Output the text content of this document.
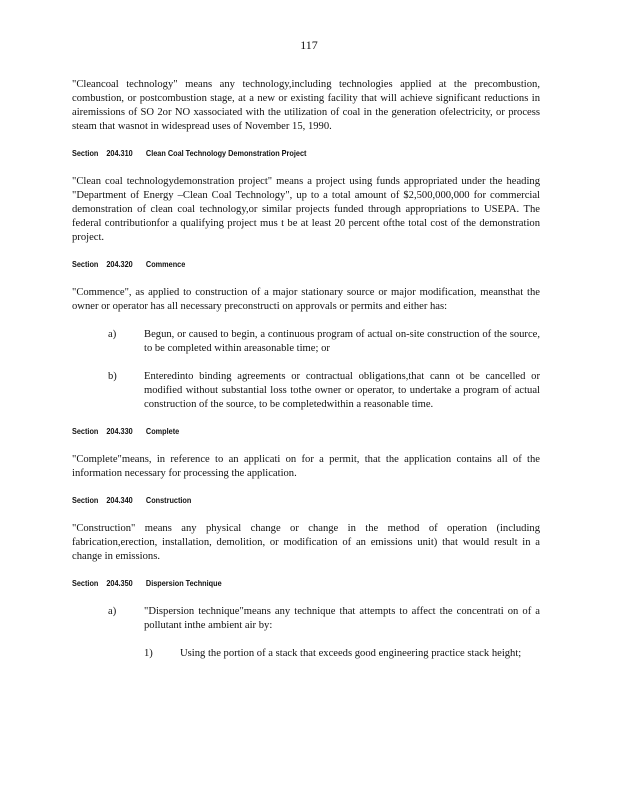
117

"Cleancoal technology" means any technology,including technologies applied at the precombustion, combustion, or postcombustion stage, at a new or existing facility that will achieve significant reductions in airemissions of SO 2or NO xassociated with the utilization of coal in the generation ofelectricity, or process steam that wasnot in widespread uses of November 15, 1990.

Section 204.310	Clean Coal Technology Demonstration Project

"Clean coal technologydemonstration project" means a project using funds appropriated under the heading "Department of Energy –Clean Coal Technology", up to a total amount of $2,500,000,000 for commercial demonstration of clean coal technology,or similar projects funded through appropriations to USEPA. The federal contributionfor a qualifying project mus t be at least 20 percent ofthe total cost of the demonstration project.

Section 204.320	Commence

"Commence", as applied to construction of a major stationary source or major modification, meansthat the owner or operator has all necessary preconstructi on approvals or permits and either has:

a)	Begun, or caused to begin, a continuous program of actual on-site construction of the source, to be completed within areasonable time; or

b)	Enteredinto binding agreements or contractual obligations,that cann ot be cancelled or modified without substantial loss tothe owner or operator, to undertake a program of actual construction of the source, to be completedwithin a reasonable time.

Section 204.330	Complete

"Complete"means, in reference to an applicati on for a permit, that the application contains all of the information necessary for processing the application.

Section 204.340	Construction

"Construction" means any physical change or change in the method of operation (including fabrication,erection, installation, demolition, or modification of an emissions unit) that would result in a change in emissions.

Section 204.350	Dispersion Technique
a)	"Dispersion technique"means any technique that attempts to affect the concentrati on of a pollutant inthe ambient air by:

1)	Using the portion of a stack that exceeds good engineering practice stack height;
